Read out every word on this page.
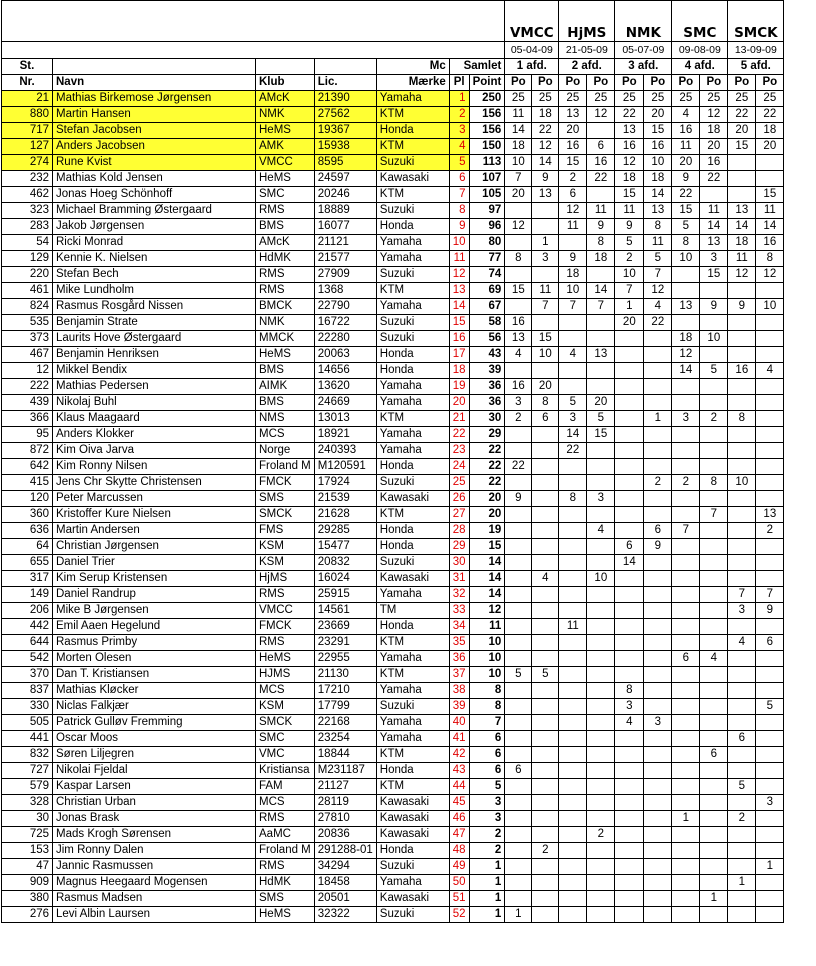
							VMCC		HjMS		NMK		SMC		SMCK	
							05-04-09		21-05-09		05-07-09		09-08-09		13-09-09	
St.				Mc	Samlet		1 afd.		2 afd.		3 afd.		4 afd.		5 afd.	
Nr.	Navn	Klub	Lic.	Mærke	Pl	Point	Po	Po	Po	Po	Po	Po	Po	Po	Po	Po
21	Mathias Birkemose Jørgensen	AMcK	21390	Yamaha	1	250	25	25	25	25	25	25	25	25	25	25
880	Martin Hansen	NMK	27562	KTM	2	156	11	18	13	12	22	20	4	12	22	22
717	Stefan Jacobsen	HeMS	19367	Honda	3	156	14	22	20		13	15	16	18	20	18
127	Anders Jacobsen	AMK	15938	KTM	4	150	18	12	16	6	16	16	11	20	15	20
274	Rune Kvist	VMCC	8595	Suzuki	5	113	10	14	15	16	12	10	20	16		
232	Mathias Kold Jensen	HeMS	24597	Kawasaki	6	107	7	9	2	22	18	18	9	22		
462	Jonas Hoeg Schönhoff	SMC	20246	KTM	7	105	20	13	6		15	14	22			15
323	Michael Bramming Østergaard	RMS	18889	Suzuki	8	97			12	11	11	13	15	11	13	11
283	Jakob Jørgensen	BMS	16077	Honda	9	96	12		11	9	9	8	5	14	14	14
54	Ricki Monrad	AMcK	21121	Yamaha	10	80		1		8	5	11	8	13	18	16
129	Kennie K. Nielsen	HdMK	21577	Yamaha	11	77	8	3	9	18	2	5	10	3	11	8
220	Stefan Bech	RMS	27909	Suzuki	12	74			18		10	7		15	12	12
461	Mike Lundholm	RMS	1368	KTM	13	69	15	11	10	14	7	12				
824	Rasmus Rosgård Nissen	BMCK	22790	Yamaha	14	67		7	7	7	1	4	13	9	9	10
535	Benjamin Strate	NMK	16722	Suzuki	15	58	16				20	22				
373	Laurits Hove Østergaard	MMCK	22280	Suzuki	16	56	13	15					18	10		
467	Benjamin Henriksen	HeMS	20063	Honda	17	43	4	10	4	13			12			
12	Mikkel Bendix	BMS	14656	Honda	18	39							14	5	16	4
222	Mathias Pedersen	AIMK	13620	Yamaha	19	36	16	20								
439	Nikolaj Buhl	BMS	24669	Yamaha	20	36	3	8	5	20						
366	Klaus Maagaard	NMS	13013	KTM	21	30	2	6	3	5		1	3	2	8	
95	Anders Klokker	MCS	18921	Yamaha	22	29			14	15						
872	Kim Oiva Jarva	Norge	240393	Yamaha	23	22			22							
642	Kim Ronny Nilsen	Froland M	M120591	Honda	24	22	22									
415	Jens Chr Skytte Christensen	FMCK	17924	Suzuki	25	22						2	2	8	10	
120	Peter Marcussen	SMS	21539	Kawasaki	26	20	9		8	3						
360	Kristoffer Kure Nielsen	SMCK	21628	KTM	27	20								7		13
636	Martin Andersen	FMS	29285	Honda	28	19				4		6	7			2
64	Christian Jørgensen	KSM	15477	Honda	29	15					6	9				
655	Daniel Trier	KSM	20832	Suzuki	30	14					14					
317	Kim Serup Kristensen	HjMS	16024	Kawasaki	31	14		4		10						
149	Daniel Randrup	RMS	25915	Yamaha	32	14									7	7
206	Mike B Jørgensen	VMCC	14561	TM	33	12									3	9
442	Emil Aaen Hegelund	FMCK	23669	Honda	34	11			11							
644	Rasmus Primby	RMS	23291	KTM	35	10									4	6
542	Morten Olesen	HeMS	22955	Yamaha	36	10							6	4		
370	Dan T. Kristiansen	HJMS	21130	KTM	37	10	5	5								
837	Mathias Kløcker	MCS	17210	Yamaha	38	8					8					
330	Niclas Falkjær	KSM	17799	Suzuki	39	8					3					5
505	Patrick Gulløv Fremming	SMCK	22168	Yamaha	40	7					4	3				
441	Oscar Moos	SMC	23254	Yamaha	41	6									6	
832	Søren Liljegren	VMC	18844	KTM	42	6								6		
727	Nikolai Fjeldal	Kristiansa	M231187	Honda	43	6	6									
579	Kaspar Larsen	FAM	21127	KTM	44	5									5	
328	Christian Urban	MCS	28119	Kawasaki	45	3										3
30	Jonas Brask	RMS	27810	Kawasaki	46	3							1		2	
725	Mads Krogh Sørensen	AaMC	20836	Kawasaki	47	2				2						
153	Jim Ronny Dalen	Froland M	291288-01	Honda	48	2		2								
47	Jannic Rasmussen	RMS	34294	Suzuki	49	1										1
909	Magnus Heegaard Mogensen	HdMK	18458	Yamaha	50	1									1	
380	Rasmus Madsen	SMS	20501	Kawasaki	51	1								1		
276	Levi Albin Laursen	HeMS	32322	Suzuki	52	1	1									
